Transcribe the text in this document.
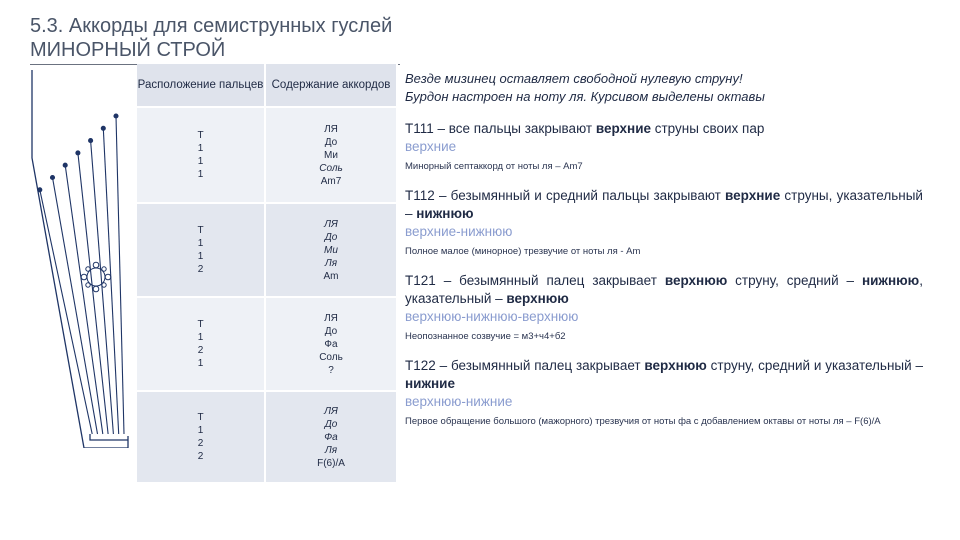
5.3. Аккорды для семиструнных гуслей
МИНОРНЫЙ СТРОЙ
Расположение пальцев	Содержание аккордов

Т
1
1
1	ЛЯ
До
Ми
Соль
Am7

Т
1
1
2	ЛЯ
До
Ми
Ля
Am

Т
1
2
1	ЛЯ
До
Фа
Соль
?

Т
1
2
2	ЛЯ
До
Фа
Ля
F(6)/A
Везде мизинец оставляет свободной нулевую струну!
Бурдон настроен на ноту ля. Курсивом выделены октавы
Т111 – все пальцы закрывают верхние струны своих пар
верхние
Минорный септаккорд от ноты ля – Am7
Т112 – безымянный и средний пальцы закрывают верхние струны, указательный – нижнюю
верхние-нижнюю
Полное малое (минорное) трезвучие от ноты ля - Am
Т121 – безымянный палец закрывает верхнюю струну, средний – нижнюю, указательный – верхнюю
верхнюю-нижнюю-верхнюю
Неопознанное созвучие = м3+ч4+б2
Т122 – безымянный палец закрывает верхнюю струну, средний и указательный – нижние
верхнюю-нижние
Первое обращение большого (мажорного) трезвучия от ноты фа с добавлением октавы от ноты ля – F(6)/A
